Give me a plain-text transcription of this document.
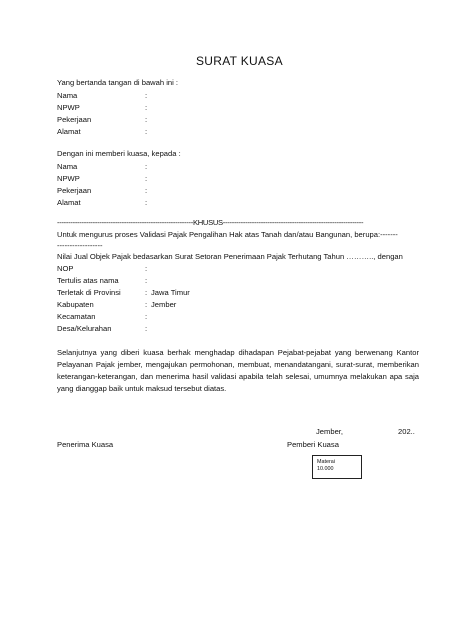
SURAT KUASA
Yang bertanda tangan di bawah ini :
Nama	:
NPWP	:
Pekerjaan	:
Alamat	:
Dengan ini memberi kuasa, kepada :
Nama	:
NPWP	:
Pekerjaan	:
Alamat	:
-------------------------------------------------------------KHUSUS---------------------------------------------------------------
Untuk mengurus proses Validasi Pajak Pengalihan Hak atas Tanah dan/atau Bangunan, berupa:-------
------------------
Nilai Jual Objek Pajak bedasarkan Surat Setoran Penerimaan Pajak Terhutang Tahun ……….., dengan
NOP	:
Tertulis atas nama	:
Terletak di Provinsi	: Jawa Timur
Kabupaten	: Jember
Kecamatan	:
Desa/Kelurahan	:
Selanjutnya yang diberi kuasa berhak menghadap dihadapan Pejabat-pejabat yang berwenang Kantor Pelayanan Pajak jember, mengajukan permohonan, membuat, menandatangani, surat-surat, memberikan keterangan-keterangan, dan menerima hasil validasi apabila telah selesai, umumnya melakukan apa saja yang dianggap baik untuk maksud tersebut diatas.
Jember,	202..
Penerima Kuasa	Pemberi Kuasa
Materai
10.000
